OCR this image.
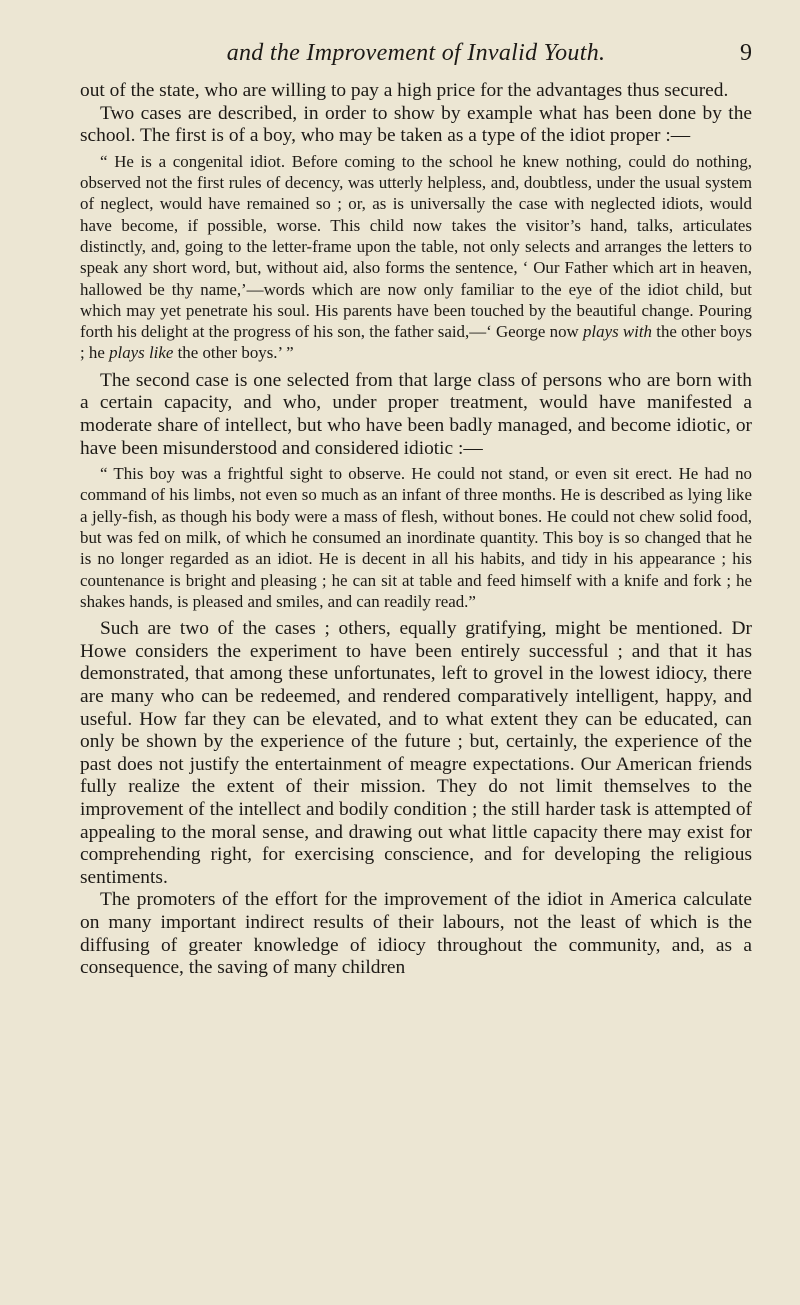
and the Improvement of Invalid Youth.	9

out of the state, who are willing to pay a high price for the advantages thus secured.

Two cases are described, in order to show by example what has been done by the school. The first is of a boy, who may be taken as a type of the idiot proper :—

“ He is a congenital idiot. Before coming to the school he knew nothing, could do nothing, observed not the first rules of decency, was utterly helpless, and, doubtless, under the usual system of neglect, would have remained so ; or, as is universally the case with neglected idiots, would have become, if possible, worse. This child now takes the visitor’s hand, talks, articulates distinctly, and, going to the letter-frame upon the table, not only selects and arranges the letters to speak any short word, but, without aid, also forms the sentence, ‘ Our Father which art in heaven, hallowed be thy name,’—words which are now only familiar to the eye of the idiot child, but which may yet penetrate his soul. His parents have been touched by the beautiful change. Pouring forth his delight at the progress of his son, the father said,—‘ George now plays with the other boys ; he plays like the other boys.’ ”

The second case is one selected from that large class of persons who are born with a certain capacity, and who, under proper treatment, would have manifested a moderate share of intellect, but who have been badly managed, and become idiotic, or have been misunderstood and considered idiotic :—

“ This boy was a frightful sight to observe. He could not stand, or even sit erect. He had no command of his limbs, not even so much as an infant of three months. He is described as lying like a jelly-fish, as though his body were a mass of flesh, without bones. He could not chew solid food, but was fed on milk, of which he consumed an inordinate quantity. This boy is so changed that he is no longer regarded as an idiot. He is decent in all his habits, and tidy in his appearance ; his countenance is bright and pleasing ; he can sit at table and feed himself with a knife and fork ; he shakes hands, is pleased and smiles, and can readily read.”

Such are two of the cases ; others, equally gratifying, might be mentioned. Dr Howe considers the experiment to have been entirely successful ; and that it has demonstrated, that among these unfortunates, left to grovel in the lowest idiocy, there are many who can be redeemed, and rendered comparatively intelligent, happy, and useful. How far they can be elevated, and to what extent they can be educated, can only be shown by the experience of the future ; but, certainly, the experience of the past does not justify the entertainment of meagre expectations. Our American friends fully realize the extent of their mission. They do not limit themselves to the improvement of the intellect and bodily condition ; the still harder task is attempted of appealing to the moral sense, and drawing out what little capacity there may exist for comprehending right, for exercising conscience, and for developing the religious sentiments.

The promoters of the effort for the improvement of the idiot in America calculate on many important indirect results of their labours, not the least of which is the diffusing of greater knowledge of idiocy throughout the community, and, as a consequence, the saving of many children
